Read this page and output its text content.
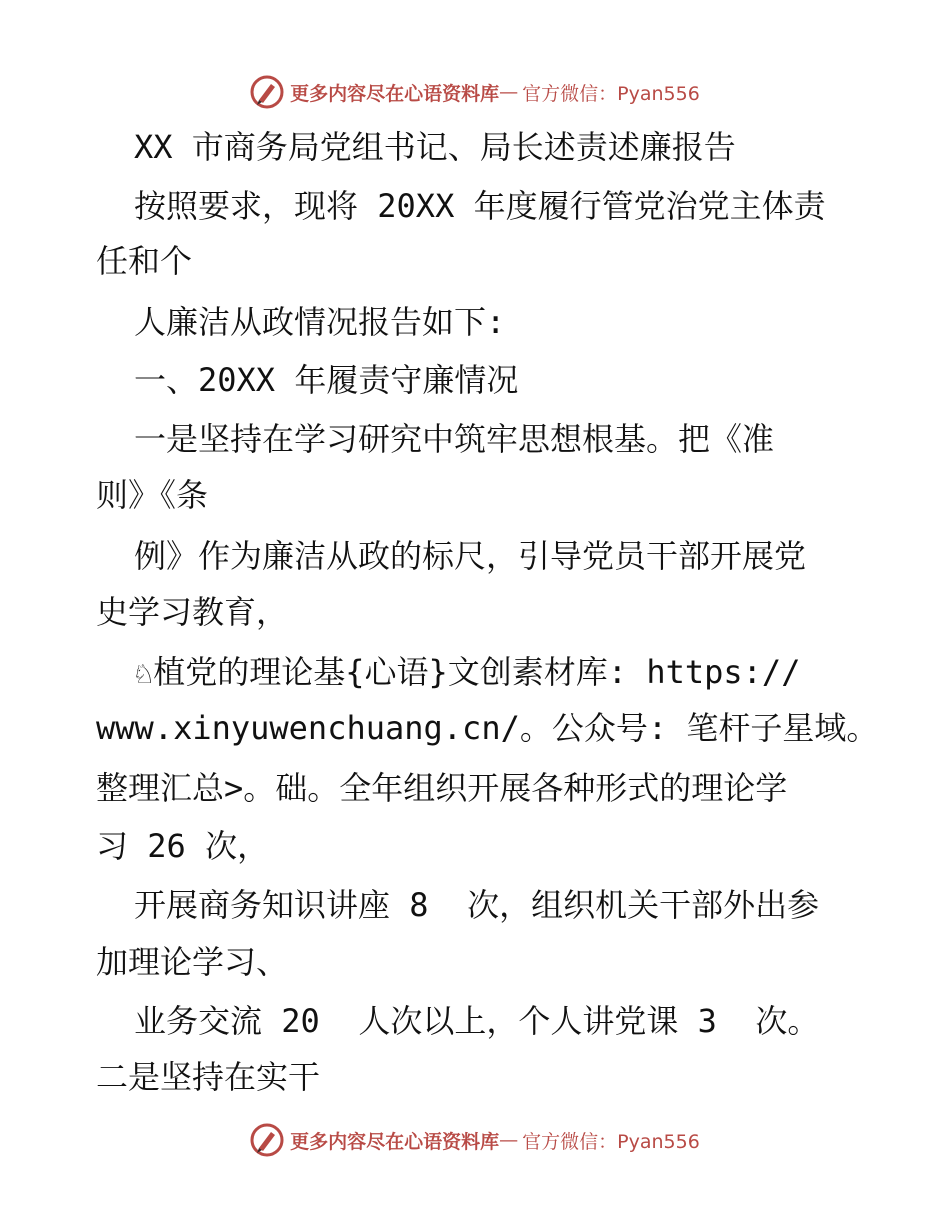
更多内容尽在心语资料库 — 官方微信：Pyan556
XX 市商务局党组书记、局长述责述廉报告
按照要求，现将 20XX 年度履行管党治党主体责
任和个
人廉洁从政情况报告如下:
一、20XX 年履责守廉情况
一是坚持在学习研究中筑牢思想根基。把《准
则》《条
例》作为廉洁从政的标尺，引导党员干部开展党
史学习教育，
♘植党的理论基{心语}文创素材库: https://
www.xinyuwenchuang.cn/。公众号: 笔杆子星域。
整理汇总>。础。全年组织开展各种形式的理论学
习 26 次，
开展商务知识讲座 8  次，组织机关干部外出参
加理论学习、
业务交流 20  人次以上，个人讲党课 3  次。
二是坚持在实干
更多内容尽在心语资料库 — 官方微信：Pyan556
